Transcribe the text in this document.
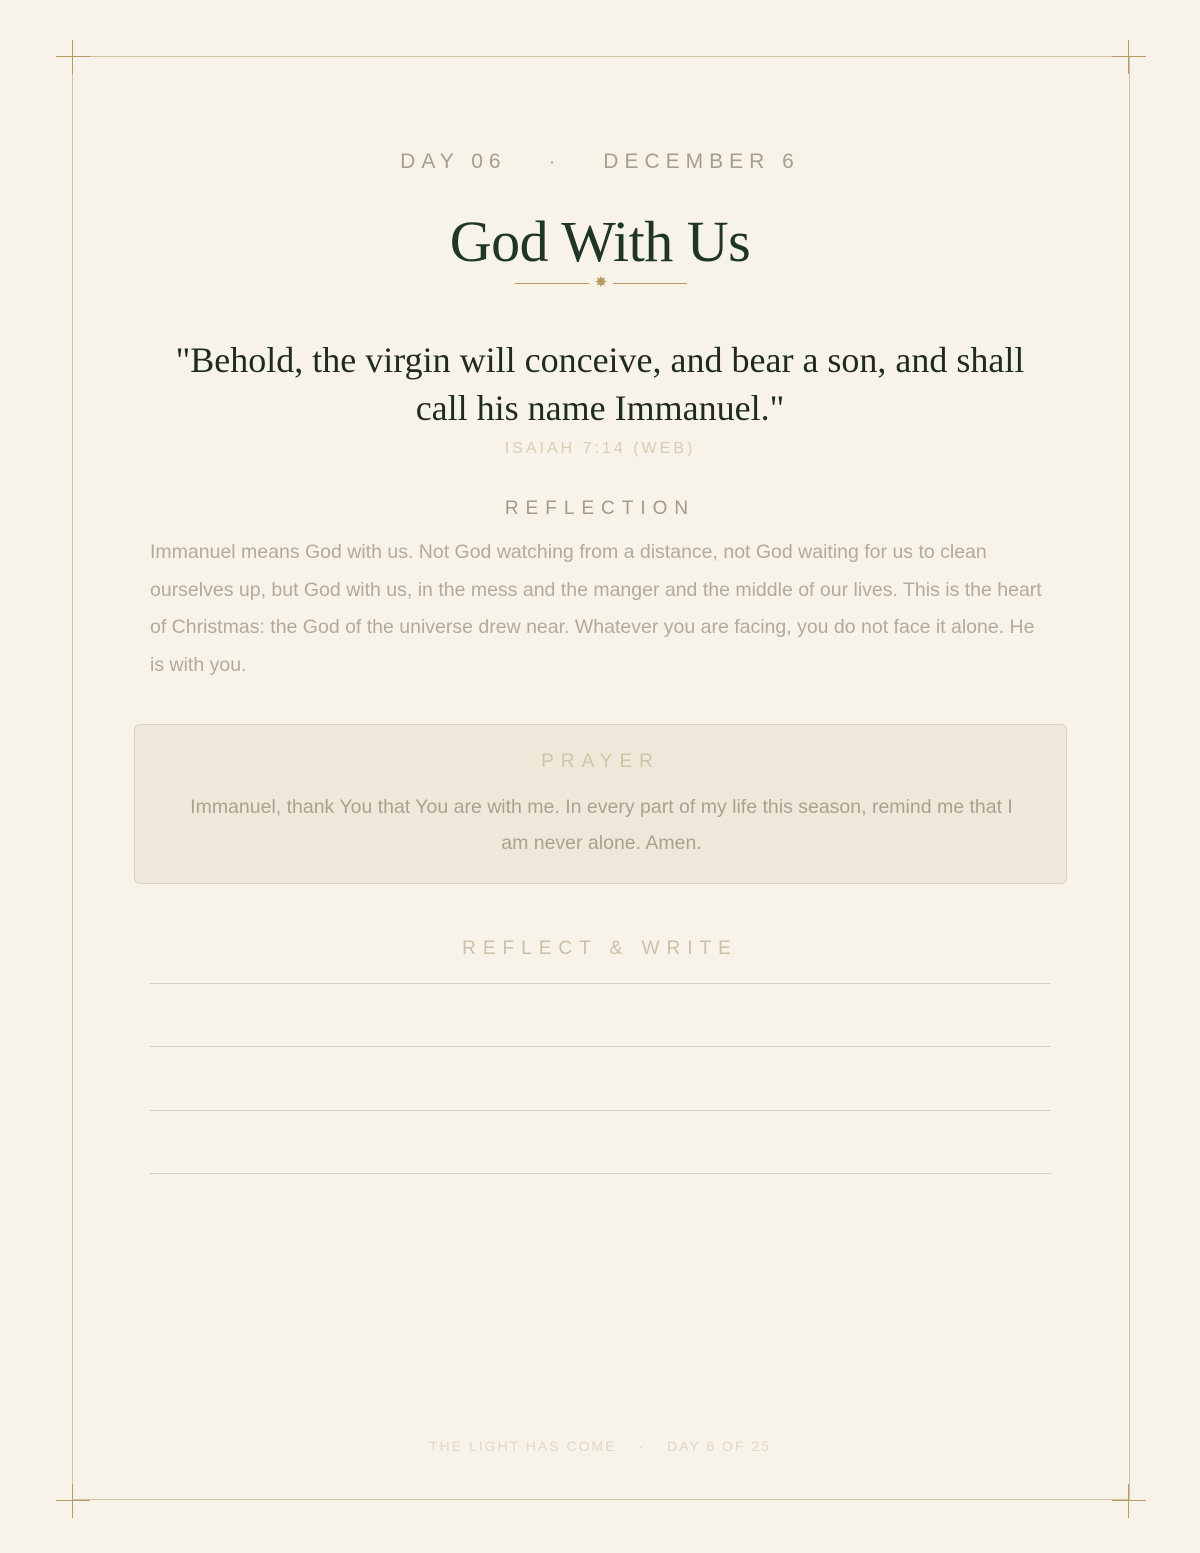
DAY 06 · DECEMBER 6
God With Us
✸
"Behold, the virgin will conceive, and bear a son, and shall call his name Immanuel."
ISAIAH 7:14 (WEB)
REFLECTION
Immanuel means God with us. Not God watching from a distance, not God waiting for us to clean ourselves up, but God with us, in the mess and the manger and the middle of our lives. This is the heart of Christmas: the God of the universe drew near. Whatever you are facing, you do not face it alone. He is with you.
PRAYER
Immanuel, thank You that You are with me. In every part of my life this season, remind me that I am never alone. Amen.
REFLECT & WRITE
THE LIGHT HAS COME · DAY 6 OF 25
